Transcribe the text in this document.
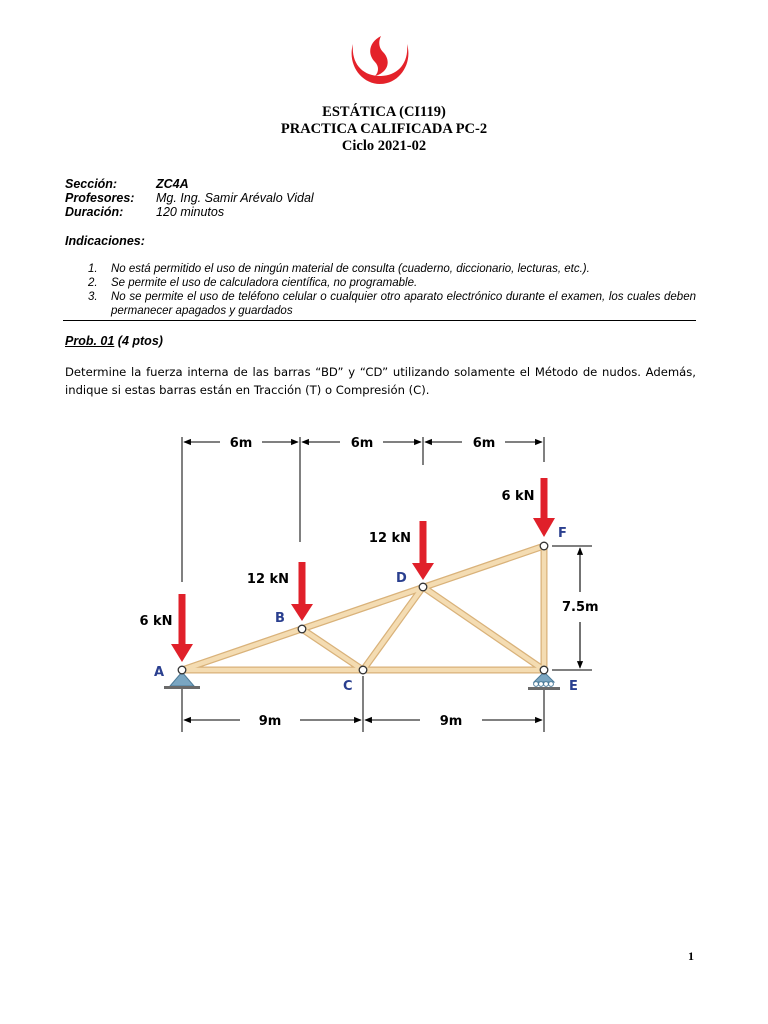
ESTÁTICA (CI119)
PRACTICA CALIFICADA PC-2
Ciclo 2021-02
Sección:	ZC4A
Profesores: Mg. Ing. Samir Arévalo Vidal
Duración:	120 minutos
Indicaciones:
1.	No está permitido el uso de ningún material de consulta (cuaderno, diccionario, lecturas, etc.).
2.	Se permite el uso de calculadora científica, no programable.
3.	No se permite el uso de teléfono celular o cualquier otro aparato electrónico durante el examen, los cuales deben permanecer apagados y guardados
Prob. 01 (4 ptos)
Determine la fuerza interna de las barras “BD” y “CD” utilizando solamente el Método de nudos. Además, indique si estas barras están en Tracción (T) o Compresión (C).
6m	6m	6m
9m	9m
7.5m
6 kN
12 kN
12 kN
6 kN
A
B
C
D
E
F
1
